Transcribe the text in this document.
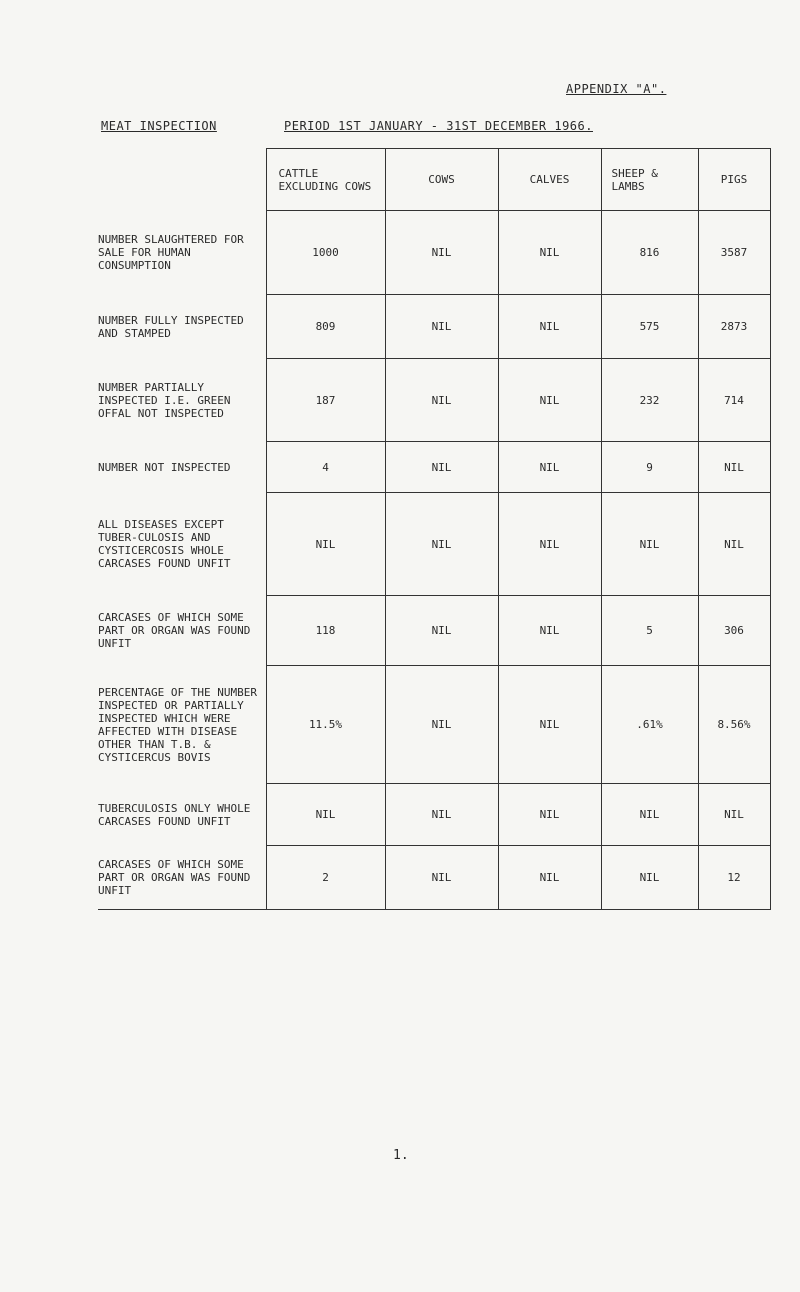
APPENDIX "A".
MEAT INSPECTION	PERIOD 1ST JANUARY - 31ST DECEMBER 1966.
	CATTLE EXCLUDING COWS	COWS	CALVES	SHEEP & LAMBS	PIGS
NUMBER SLAUGHTERED FOR SALE FOR HUMAN CONSUMPTION	1000	NIL	NIL	816	3587
NUMBER FULLY INSPECTED AND STAMPED	809	NIL	NIL	575	2873
NUMBER PARTIALLY INSPECTED I.E. GREEN OFFAL NOT INSPECTED	187	NIL	NIL	232	714
NUMBER NOT INSPECTED	4	NIL	NIL	9	NIL
ALL DISEASES EXCEPT TUBER-CULOSIS AND CYSTICERCOSIS WHOLE CARCASES FOUND UNFIT	NIL	NIL	NIL	NIL	NIL
CARCASES OF WHICH SOME PART OR ORGAN WAS FOUND UNFIT	118	NIL	NIL	5	306
PERCENTAGE OF THE NUMBER INSPECTED OR PARTIALLY INSPECTED WHICH WERE AFFECTED WITH DISEASE OTHER THAN T.B. & CYSTICERCUS BOVIS	11.5%	NIL	NIL	.61%	8.56%
TUBERCULOSIS ONLY WHOLE CARCASES FOUND UNFIT	NIL	NIL	NIL	NIL	NIL
CARCASES OF WHICH SOME PART OR ORGAN WAS FOUND UNFIT	2	NIL	NIL	NIL	12
1.
